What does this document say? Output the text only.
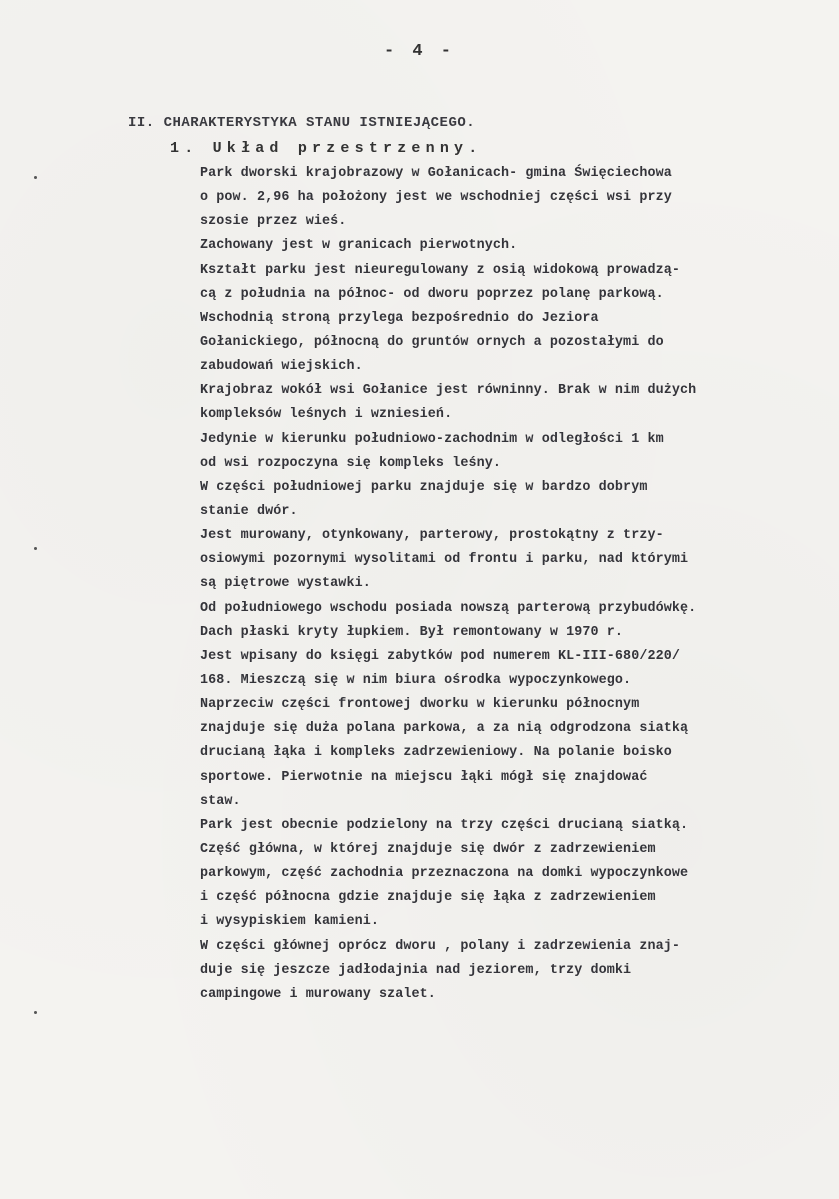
- 4 -
II. CHARAKTERYSTYKA STANU ISTNIEJĄCEGO.
1. Układ przestrzenny.
Park dworski krajobrazowy w Gołanicach- gmina Święciechowa
o pow. 2,96 ha położony jest we wschodniej części wsi przy
szosie przez wieś.
Zachowany jest w granicach pierwotnych.
Kształt parku jest nieuregulowany z osią widokową prowadzą-
cą z południa na północ- od dworu poprzez polanę parkową.
Wschodnią stroną przylega bezpośrednio do Jeziora
Gołanickiego, północną do gruntów ornych a pozostałymi do
zabudowań wiejskich.
Krajobraz wokół wsi Gołanice jest równinny. Brak w nim dużych
kompleksów leśnych i wzniesień.
Jedynie w kierunku południowo-zachodnim w odległości 1 km
od wsi rozpoczyna się kompleks leśny.
W części południowej parku znajduje się w bardzo dobrym
stanie dwór.
Jest murowany, otynkowany, parterowy, prostokątny z trzy-
osiowymi pozornymi wysolitami od frontu i parku, nad którymi
są piętrowe wystawki.
Od południowego wschodu posiada nowszą parterową przybudówkę.
Dach płaski kryty łupkiem. Był remontowany w 1970 r.
Jest wpisany do księgi zabytków pod numerem KL-III-680/220/
168. Mieszczą się w nim biura ośrodka wypoczynkowego.
Naprzeciw części frontowej dworku w kierunku północnym
znajduje się duża polana parkowa, a za nią odgrodzona siatką
drucianą łąka i kompleks zadrzewieniowy. Na polanie boisko
sportowe. Pierwotnie na miejscu łąki mógł się znajdować
staw.
Park jest obecnie podzielony na trzy części drucianą siatką.
Część główna, w której znajduje się dwór z zadrzewieniem
parkowym, część zachodnia przeznaczona na domki wypoczynkowe
i część północna gdzie znajduje się łąka z zadrzewieniem
i wysypiskiem kamieni.
W części głównej oprócz dworu , polany i zadrzewienia znaj-
duje się jeszcze jadłodajnia nad jeziorem, trzy domki
campingowe i murowany szalet.
